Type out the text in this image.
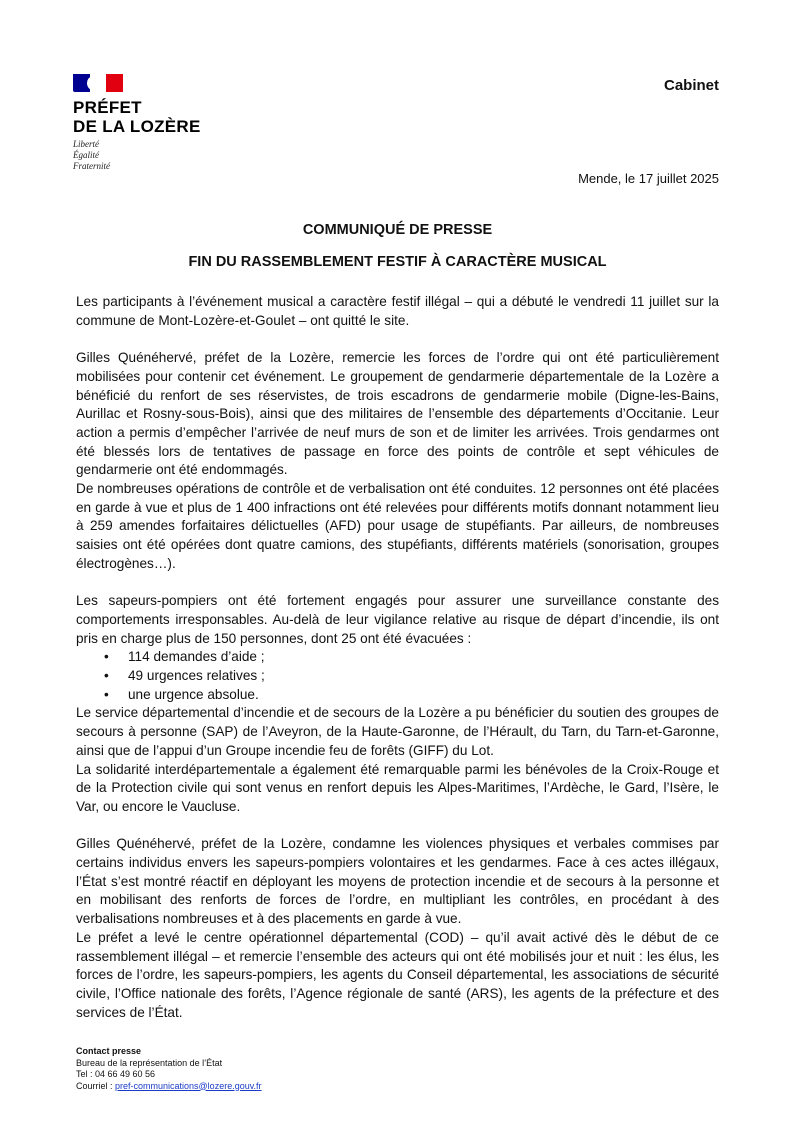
PRÉFET
DE LA LOZÈRE
Liberté
Égalité
Fraternité
Cabinet
Mende, le 17 juillet 2025
COMMUNIQUÉ DE PRESSE
FIN DU RASSEMBLEMENT FESTIF À CARACTÈRE MUSICAL

Les participants à l’événement musical a caractère festif illégal – qui a débuté le vendredi 11 juillet sur la commune de Mont-Lozère-et-Goulet – ont quitté le site.

Gilles Quénéhervé, préfet de la Lozère, remercie les forces de l’ordre qui ont été particulièrement mobilisées pour contenir cet événement. Le groupement de gendarmerie départementale de la Lozère a bénéficié du renfort de ses réservistes, de trois escadrons de gendarmerie mobile (Digne-les-Bains, Aurillac et Rosny-sous-Bois), ainsi que des militaires de l’ensemble des départements d’Occitanie. Leur action a permis d’empêcher l’arrivée de neuf murs de son et de limiter les arrivées. Trois gendarmes ont été blessés lors de tentatives de passage en force des points de contrôle et sept véhicules de gendarmerie ont été endommagés.

De nombreuses opérations de contrôle et de verbalisation ont été conduites. 12 personnes ont été placées en garde à vue et plus de 1 400 infractions ont été relevées pour différents motifs donnant notamment lieu à 259 amendes forfaitaires délictuelles (AFD) pour usage de stupéfiants. Par ailleurs, de nombreuses saisies ont été opérées dont quatre camions, des stupéfiants, différents matériels (sonorisation, groupes électrogènes…).

Les sapeurs-pompiers ont été fortement engagés pour assurer une surveillance constante des comportements irresponsables. Au-delà de leur vigilance relative au risque de départ d’incendie, ils ont pris en charge plus de 150 personnes, dont 25 ont été évacuées :

• 114 demandes d’aide ;
• 49 urgences relatives ;
• une urgence absolue.

Le service départemental d’incendie et de secours de la Lozère a pu bénéficier du soutien des groupes de secours à personne (SAP) de l’Aveyron, de la Haute-Garonne, de l’Hérault, du Tarn, du Tarn-et-Garonne, ainsi que de l’appui d’un Groupe incendie feu de forêts (GIFF) du Lot.

La solidarité interdépartementale a également été remarquable parmi les bénévoles de la Croix-Rouge et de la Protection civile qui sont venus en renfort depuis les Alpes-Maritimes, l’Ardèche, le Gard, l’Isère, le Var, ou encore le Vaucluse.

Gilles Quénéhervé, préfet de la Lozère, condamne les violences physiques et verbales commises par certains individus envers les sapeurs-pompiers volontaires et les gendarmes. Face à ces actes illégaux, l’État s’est montré réactif en déployant les moyens de protection incendie et de secours à la personne et en mobilisant des renforts de forces de l’ordre, en multipliant les contrôles, en procédant à des verbalisations nombreuses et à des placements en garde à vue.

Le préfet a levé le centre opérationnel départemental (COD) – qu’il avait activé dès le début de ce rassemblement illégal – et remercie l’ensemble des acteurs qui ont été mobilisés jour et nuit : les élus, les forces de l’ordre, les sapeurs-pompiers, les agents du Conseil départemental, les associations de sécurité civile, l’Office nationale des forêts, l’Agence régionale de santé (ARS), les agents de la préfecture et des services de l’État.

Contact presse
Bureau de la représentation de l’État
Tel : 04 66 49 60 56
Courriel : pref-communications@lozere.gouv.fr
